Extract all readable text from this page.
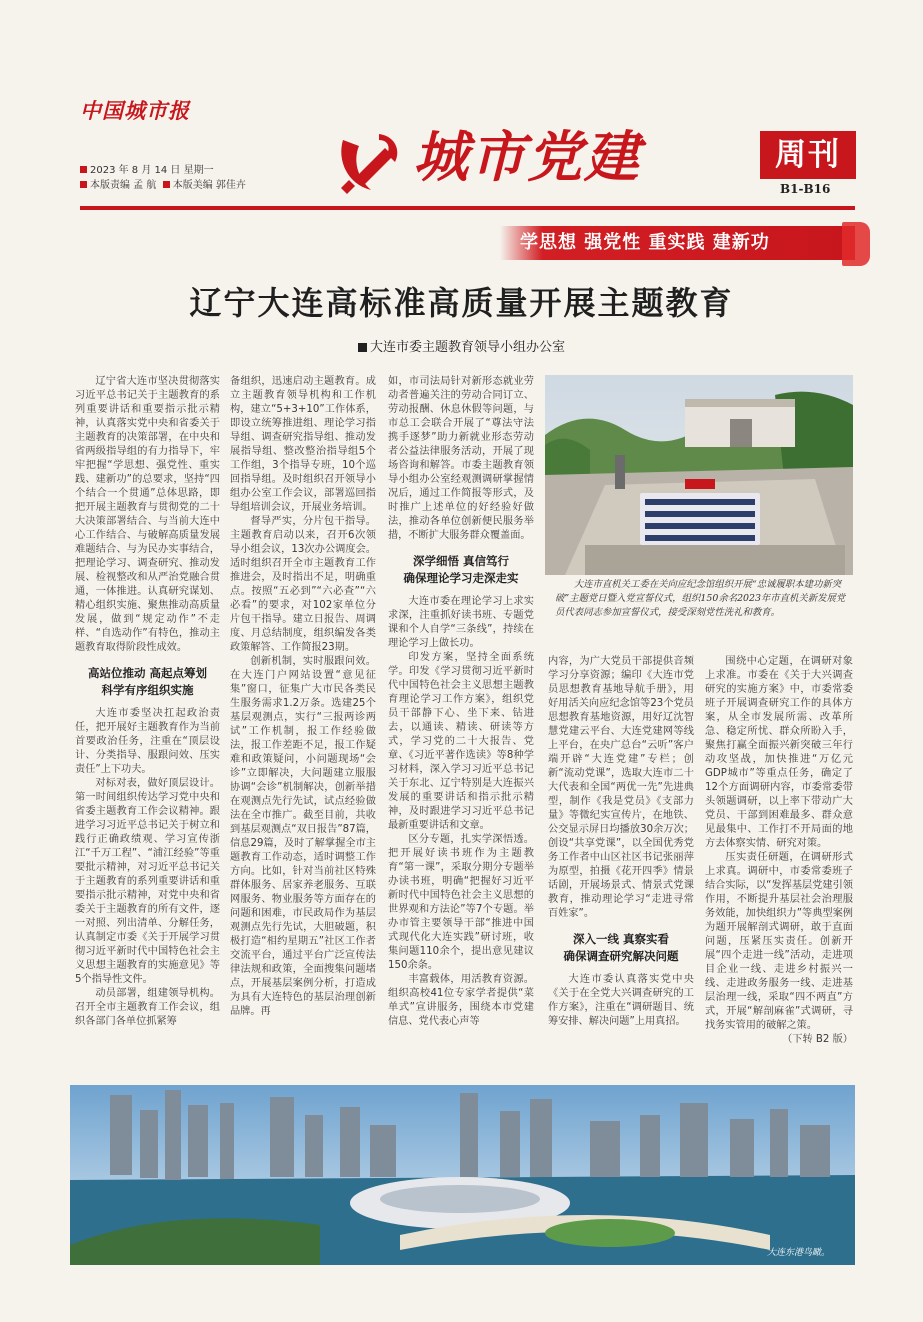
中国城市报
2023 年 8 月 14 日 星期一
本版责编 孟 航 本版美编 郭佳卉	城市党建	周刊
B1-B16
学思想 强党性 重实践 建新功
辽宁大连高标准高质量开展主题教育
大连市委主题教育领导小组办公室

辽宁省大连市坚决贯彻落实习近平总书记关于主题教育的系列重要讲话和重要指示批示精神，认真落实党中央和省委关于主题教育的决策部署，在中央和省两级指导组的有力指导下，牢牢把握“学思想、强党性、重实践、建新功”的总要求，坚持“四个结合一个贯通”总体思路，即把开展主题教育与贯彻党的二十大决策部署结合、与当前大连中心工作结合、与破解高质量发展难题结合、与为民办实事结合，把理论学习、调查研究、推动发展、检视整改和从严治党融合贯通，一体推进。认真研究谋划、精心组织实施、聚焦推动高质量发展，做到“规定动作”不走样、“自选动作”有特色，推动主题教育取得阶段性成效。

高站位推动 高起点筹划
科学有序组织实施

大连市委坚决扛起政治责任，把开展好主题教育作为当前首要政治任务，注重在“顶层设计、分类指导、服跟问效、压实责任”上下功夫。

对标对表，做好顶层设计。第一时间组织传达学习党中央和省委主题教育工作会议精神。跟进学习习近平总书记关于树立和践行正确政绩观、学习宣传浙江“千万工程”、“浦江经验”等重要批示精神，对习近平总书记关于主题教育的系列重要讲话和重要指示批示精神，对党中央和省委关于主题教育的所有文件，逐一对照、列出清单、分解任务，认真制定市委《关于开展学习贯彻习近平新时代中国特色社会主义思想主题教育的实施意见》等5个指导性文件。

动员部署，组建领导机构。召开全市主题教育工作会议，组织各部门各单位抓紧筹

备组织，迅速启动主题教育。成立主题教育领导机构和工作机构，建立“5+3+10”工作体系，即设立统筹推进组、理论学习指导组、调查研究指导组、推动发展指导组、整改整治指导组5个工作组，3个指导专班，10个巡回指导组。及时组织召开领导小组办公室工作会议，部署巡回指导组培训会议，开展业务培训。

督导严实，分片包干指导。主题教育启动以来，召开6次领导小组会议，13次办公调度会。适时组织召开全市主题教育工作推进会，及时指出不足，明确重点。按照“五必到”“六必查”“六必看”的要求，对102家单位分片包干指导。建立日报告、周调度、月总结制度，组织编发各类政策解答、工作简报23期。

创新机制，实时服跟问效。在大连门户网站设置“意见征集”窗口，征集广大市民各类民生服务需求1.2万条。选建25个基层观测点，实行“三报两诊两试”工作机制，报工作经验做法，报工作差距不足，报工作疑难和政策疑问，小问题现场“会诊”立即解决，大问题建立服服协调“会诊”机制解决，创新举措在观测点先行先试，试点经验做法在全市推广。截至目前，共收到基层观测点“双日报告”87篇，信息29篇，及时了解掌握全市主题教育工作动态，适时调整工作方向。比如，针对当前社区特殊群体服务、居家养老服务、互联网服务、物业服务等方面存在的问题和困难，市民政局作为基层观测点先行先试，大胆破题，积极打造“相约星期五”社区工作者交流平台，通过平台广泛宣传法律法规和政策，全面搜集问题堵点，开展基层案例分析，打造成为具有大连特色的基层治理创新品牌。再

如，市司法局针对新形态就业劳动者普遍关注的劳动合同订立、劳动报酬、休息休假等问题，与市总工会联合开展了“尊法守法 携手逐梦”助力新就业形态劳动者公益法律服务活动，开展了现场咨询和解答。市委主题教育领导小组办公室经观测调研掌握情况后，通过工作简报等形式，及时推广上述单位的好经验好做法，推动各单位创新便民服务举措，不断扩大服务群众覆盖面。

深学细悟 真信笃行
确保理论学习走深走实

大连市委在理论学习上求实求深，注重抓好读书班、专题党课和个人自学“三条线”，持续在理论学习上做长功。

印发方案，坚持全面系统学。印发《学习贯彻习近平新时代中国特色社会主义思想主题教育理论学习工作方案》，组织党员干部静下心、坐下来、钻进去，以通读、精读、研读等方式，学习党的二十大报告、党章、《习近平著作选读》等8种学习材料，深入学习习近平总书记关于东北、辽宁特别是大连振兴发展的重要讲话和指示批示精神，及时跟进学习习近平总书记最新重要讲话和文章。

区分专题，扎实学深悟透。把开展好读书班作为主题教育“第一课”，采取分期分专题举办读书班，明确“把握好习近平新时代中国特色社会主义思想的世界观和方法论”等7个专题。举办市管主要领导干部“推进中国式现代化大连实践”研讨班，收集问题110余个，提出意见建议150余条。

丰富载体，用活教育资源。组织高校41位专家学者提供“菜单式”宣讲服务，围绕本市党建信息、党代表心声等

大连市直机关工委在关向应纪念馆组织开展“忠诚履职本建功新突破”主题党日暨入党宣誓仪式，组织150余名2023年市直机关新发展党员代表同志参加宣誓仪式，接受深刻党性洗礼和教育。

内容，为广大党员干部提供音频学习分享资源；编印《大连市党员思想教育基地导航手册》，用好用活关向应纪念馆等23个党员思想教育基地资源，用好辽沈智慧党建云平台、大连党建网等线上平台，在央广总台“云听”客户端开辟“大连党建”专栏；创新“流动党课”，选取大连市二十大代表和全国“两优一先”先进典型，制作《我是党员》《支部力量》等微纪实宣传片，在地铁、公交显示屏日均播放30余万次；创设“共享党课”，以全国优秀党务工作者中山区社区书记张丽萍为原型，拍摄《花开四季》情景话剧，开展场景式、情景式党课教育，推动理论学习“走进寻常百姓家”。

深入一线 真察实看
确保调查研究解决问题

大连市委认真落实党中央《关于在全党大兴调查研究的工作方案》，注重在“调研题目、统筹安排、解决问题”上用真招。

围绕中心定题，在调研对象上求准。市委在《关于大兴调查研究的实施方案》中，市委常委班子开展调查研究工作的具体方案，从全市发展所需、改革所急、稳定所忧、群众所盼入手，聚焦打赢全面振兴新突破三年行动攻坚战，加快推进“万亿元GDP城市”等重点任务，确定了12个方面调研内容，市委常委带头领题调研，以上率下带动广大党员、干部到困难最多、群众意见最集中、工作打不开局面的地方去体察实情、研究对策。

压实责任研题，在调研形式上求真。调研中，市委常委班子结合实际，以“发挥基层党建引领作用，不断提升基层社会治理服务效能，加快组织力”等典型案例为题开展解剖式调研，敢于直面问题，压紧压实责任。创新开展“四个走进一线”活动，走进项目企业一线、走进乡村振兴一线、走进政务服务一线、走进基层治理一线，采取“四不两直”方式，开展“解剖麻雀”式调研，寻找务实管用的破解之策。

（下转 B2 版）

大连东港鸟瞰。
